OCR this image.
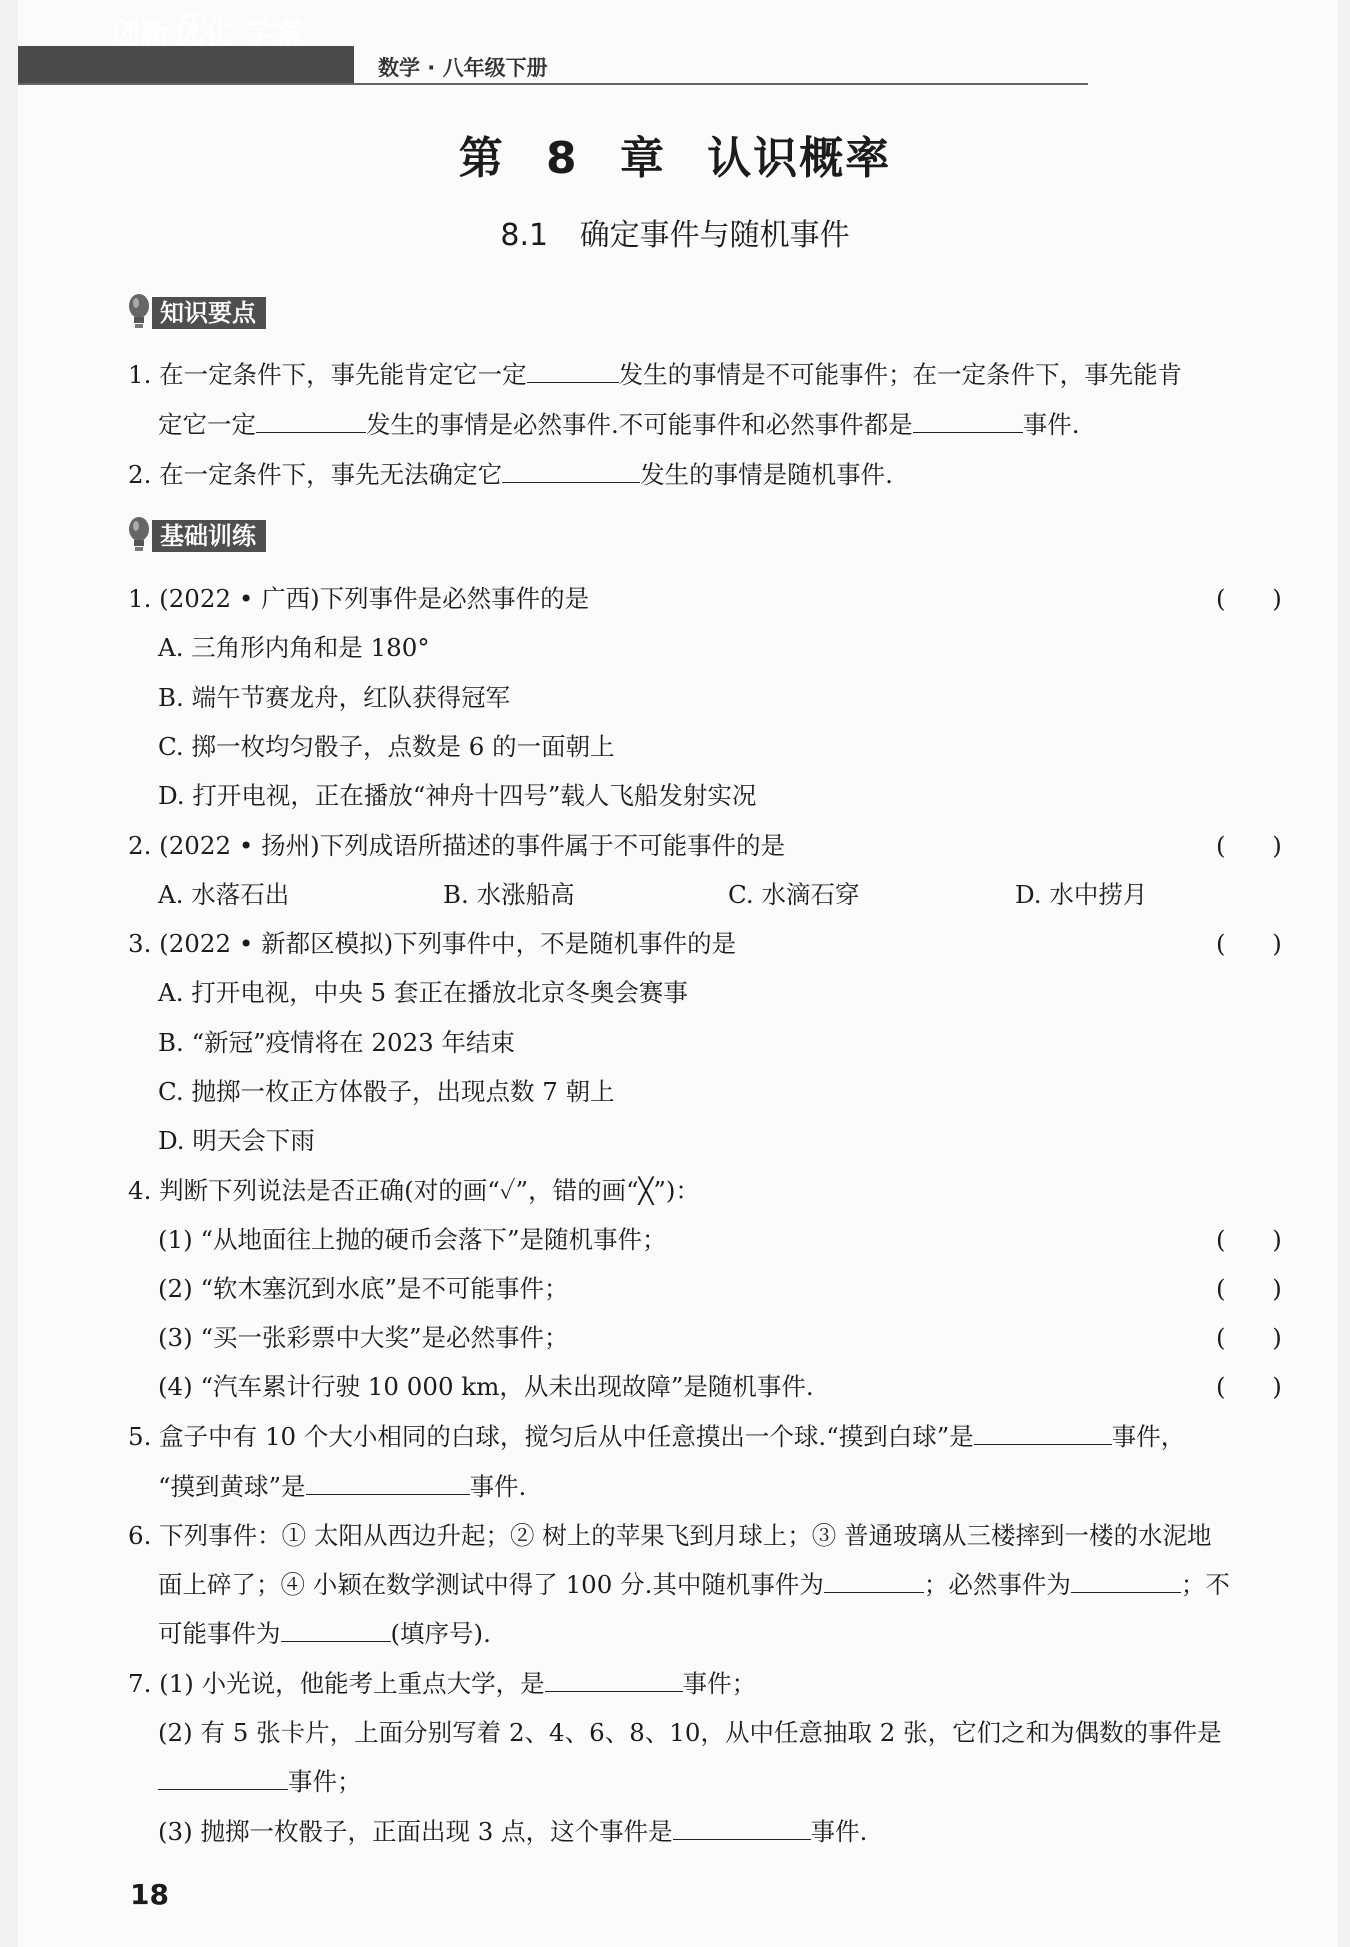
创新优化 学案
数学 · 八年级下册
第 8 章 认识概率
8.1 确定事件与随机事件
知识要点
1. 在一定条件下，事先能肯定它一定	发生的事情是不可能事件；在一定条件下，事先能肯
定它一定	发生的事情是必然事件.不可能事件和必然事件都是	事件.
2. 在一定条件下，事先无法确定它	发生的事情是随机事件.
基础训练
1. (2022 • 广西)下列事件是必然事件的是	(      )
A. 三角形内角和是 180°
B. 端午节赛龙舟，红队获得冠军
C. 掷一枚均匀骰子，点数是 6 的一面朝上
D. 打开电视，正在播放“神舟十四号”载人飞船发射实况
2. (2022 • 扬州)下列成语所描述的事件属于不可能事件的是	(      )
A. 水落石出	B. 水涨船高	C. 水滴石穿	D. 水中捞月
3. (2022 • 新都区模拟)下列事件中，不是随机事件的是	(      )
A. 打开电视，中央 5 套正在播放北京冬奥会赛事
B. “新冠”疫情将在 2023 年结束
C. 抛掷一枚正方体骰子，出现点数 7 朝上
D. 明天会下雨
4. 判断下列说法是否正确(对的画“✓”，错的画“╳”)：
(1) “从地面往上抛的硬币会落下”是随机事件；	(      )
(2) “软木塞沉到水底”是不可能事件；	(      )
(3) “买一张彩票中大奖”是必然事件；	(      )
(4) “汽车累计行驶 10 000 km，从未出现故障”是随机事件.	(      )
5. 盒子中有 10 个大小相同的白球，搅匀后从中任意摸出一个球.“摸到白球”是	事件，
“摸到黄球”是	事件.
6. 下列事件：① 太阳从西边升起；② 树上的苹果飞到月球上；③ 普通玻璃从三楼摔到一楼的水泥地
面上碎了；④ 小颖在数学测试中得了 100 分.其中随机事件为	；必然事件为	；不
可能事件为	(填序号).
7. (1) 小光说，他能考上重点大学，是	事件；
(2) 有 5 张卡片，上面分别写着 2、4、6、8、10，从中任意抽取 2 张，它们之和为偶数的事件是
事件；
(3) 抛掷一枚骰子，正面出现 3 点，这个事件是	事件.
18
